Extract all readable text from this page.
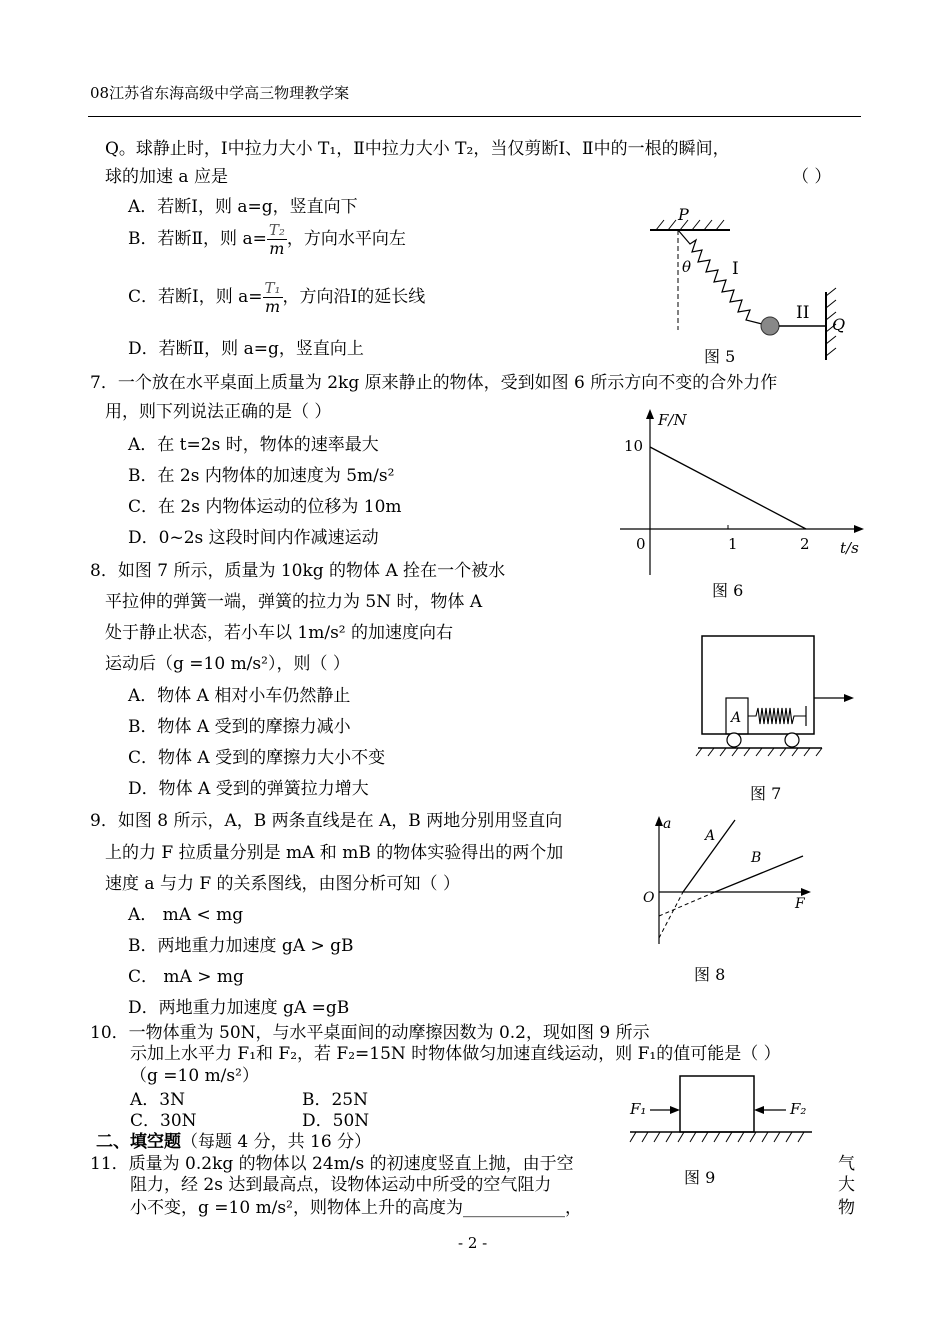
08江苏省东海高级中学高三物理教学案
Q。球静止时，Ⅰ中拉力大小 T₁，Ⅱ中拉力大小 T₂，当仅剪断Ⅰ、Ⅱ中的一根的瞬间，
球的加速 a 应是	（ ）
A．若断Ⅰ，则 a=g，竖直向下
B．若断Ⅱ，则 $a= \frac{\text{T₂}}{m}$ ，方向水平向左
C．若断Ⅰ，则 $a= \frac{\text{T₁}}{m}$ ，方向沿Ⅰ的延长线
D．若断Ⅱ，则 a=g，竖直向上
P
θ I
II
Q
图 5
7．一个放在水平桌面上质量为 2kg 原来静止的物体，受到如图 6 所示方向不变的合外力作
用，则下列说法正确的是（ ）
A．在 t=2s 时，物体的速率最大
B．在 2s 内物体的加速度为 5m/s²
C．在 2s 内物体运动的位移为 10m
D．0~2s 这段时间内作减速运动
F/N
t/s
10
0	1	2
图 6
8．如图 7 所示，质量为 10kg 的物体 A 拴在一个被水
平拉伸的弹簧一端，弹簧的拉力为 5N 时，物体 A
处于静止状态，若小车以 1m/s² 的加速度向右
运动后（g =10 m/s²），则（ ）
A．物体 A 相对小车仍然静止
B．物体 A 受到的摩擦力减小
C．物体 A 受到的摩擦力大小不变
D．物体 A 受到的弹簧拉力增大
A
图 7
9．如图 8 所示，A，B 两条直线是在 A，B 两地分别用竖直向
上的力 F 拉质量分别是 mA 和 mB 的物体实验得出的两个加
速度 a 与力 F 的关系图线，由图分析可知（ ）
A． mA < mg
B．两地重力加速度 gA > gB
C． mA > mg
D．两地重力加速度 gA =gB
a
F
O
A
B
图 8
10．一物体重为 50N，与水平桌面间的动摩擦因数为 0.2，现如图 9 所示
示加上水平力 F₁和 F₂，若 F₂=15N 时物体做匀加速直线运动，则 F₁的值可能是（ ）
（g =10 m/s²）
A．3N	B．25N
C．30N	D．50N
F₁	F₂
图 9
二、填空题（每题 4 分，共 16 分）
11．质量为 0.2kg 的物体以 24m/s 的初速度竖直上抛，由于空
阻力，经 2s 达到最高点，设物体运动中所受的空气阻力
小不变，g =10 m/s²，则物体上升的高度为____________，
气
大
物
- 2 -
